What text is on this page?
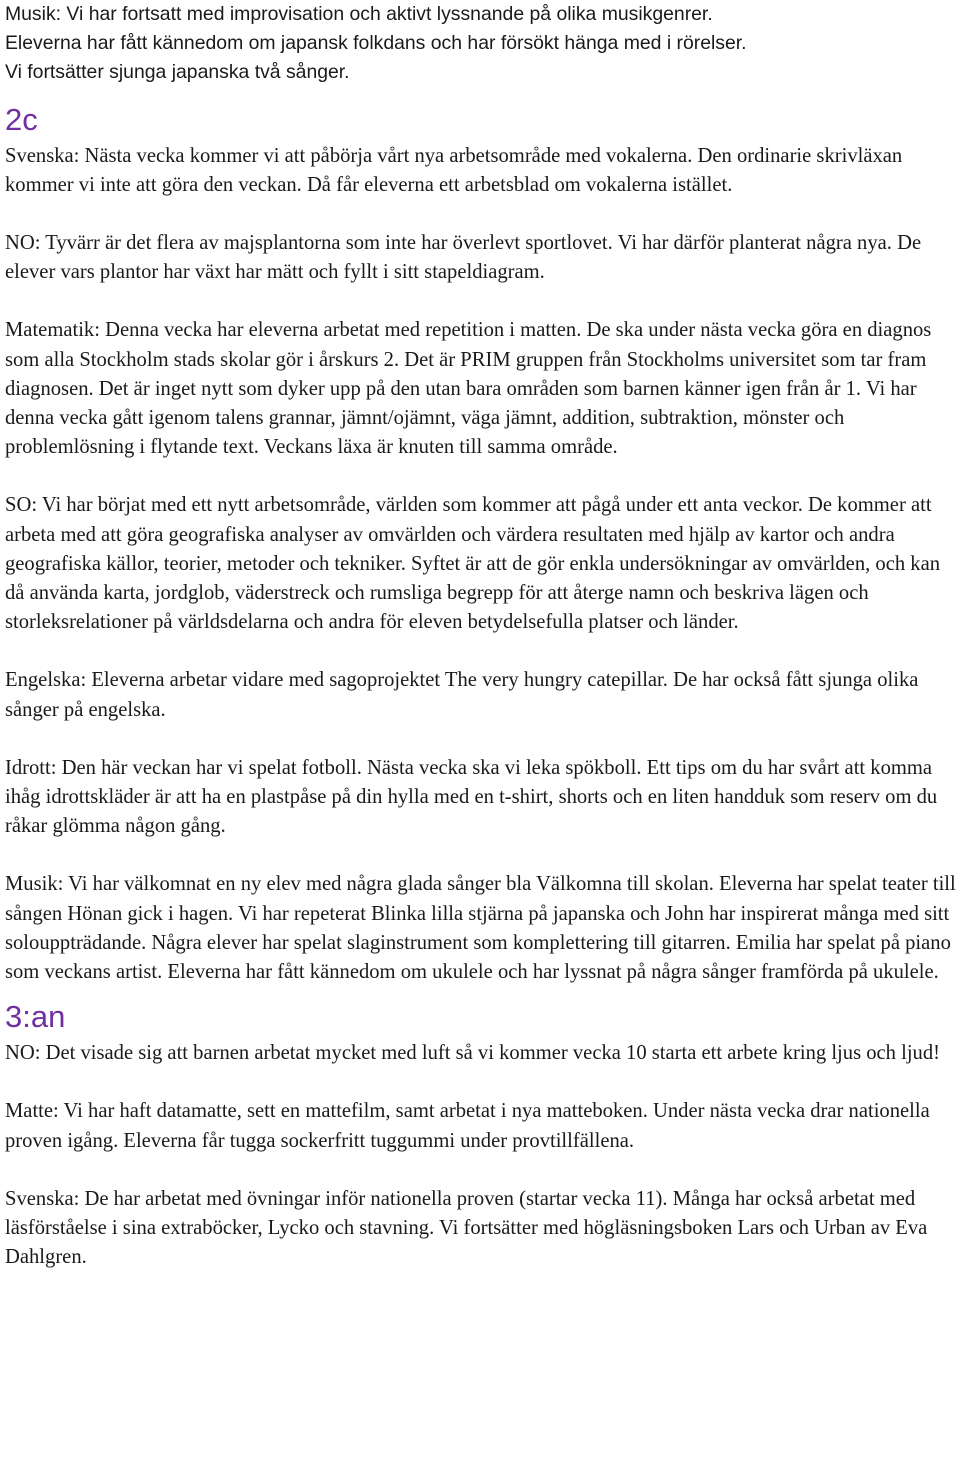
Musik: Vi har fortsatt med improvisation och aktivt lyssnande på olika musikgenrer.

Eleverna har fått kännedom om japansk folkdans och har försökt hänga med i rörelser.

Vi fortsätter sjunga japanska två sånger.

2c

Svenska: Nästa vecka kommer vi att påbörja vårt nya arbetsområde med vokalerna. Den ordinarie skrivläxan kommer vi inte att göra den veckan. Då får eleverna ett arbetsblad om vokalerna istället.

NO: Tyvärr är det flera av majsplantorna som inte har överlevt sportlovet. Vi har därför planterat några nya. De elever vars plantor har växt har mätt och fyllt i sitt stapeldiagram.

Matematik: Denna vecka har eleverna arbetat med repetition i matten. De ska under nästa vecka göra en diagnos som alla Stockholm stads skolar gör i årskurs 2. Det är PRIM gruppen från Stockholms universitet som tar fram diagnosen. Det är inget nytt som dyker upp på den utan bara områden som barnen känner igen från år 1. Vi har denna vecka gått igenom talens grannar, jämnt/ojämnt, väga jämnt, addition, subtraktion, mönster och problemlösning i flytande text. Veckans läxa är knuten till samma område.

SO: Vi har börjat med ett nytt arbetsområde, världen som kommer att pågå under ett anta veckor. De kommer att arbeta med att göra geografiska analyser av omvärlden och värdera resultaten med hjälp av kartor och andra geografiska källor, teorier, metoder och tekniker. Syftet är att de gör enkla undersökningar av omvärlden, och kan då använda karta, jordglob, väderstreck och rumsliga begrepp för att återge namn och beskriva lägen och storleksrelationer på världsdelarna och andra för eleven betydelsefulla platser och länder.

Engelska: Eleverna arbetar vidare med sagoprojektet The very hungry catepillar. De har också fått sjunga olika sånger på engelska.

Idrott: Den här veckan har vi spelat fotboll. Nästa vecka ska vi leka spökboll. Ett tips om du har svårt att komma ihåg idrottskläder är att ha en plastpåse på din hylla med en t-shirt, shorts och en liten handduk som reserv om du råkar glömma någon gång.

Musik: Vi har välkomnat en ny elev med några glada sånger bla Välkomna till skolan. Eleverna har spelat teater till sången Hönan gick i hagen. Vi har repeterat Blinka lilla stjärna på japanska och John har inspirerat många med sitt solouppträdande. Några elever har spelat slaginstrument som komplettering till gitarren. Emilia har spelat på piano som veckans artist. Eleverna har fått kännedom om ukulele och har lyssnat på några sånger framförda på ukulele.

3:an

NO: Det visade sig att barnen arbetat mycket med luft så vi kommer vecka 10 starta ett arbete kring ljus och ljud!

Matte: Vi har haft datamatte, sett en mattefilm, samt arbetat i nya matteboken. Under nästa vecka drar nationella proven igång. Eleverna får tugga sockerfritt tuggummi under provtillfällena.

Svenska: De har arbetat med övningar inför nationella proven (startar vecka 11). Många har också arbetat med läsförståelse i sina extraböcker, Lycko och stavning. Vi fortsätter med högläsningsboken Lars och Urban av Eva Dahlgren.
